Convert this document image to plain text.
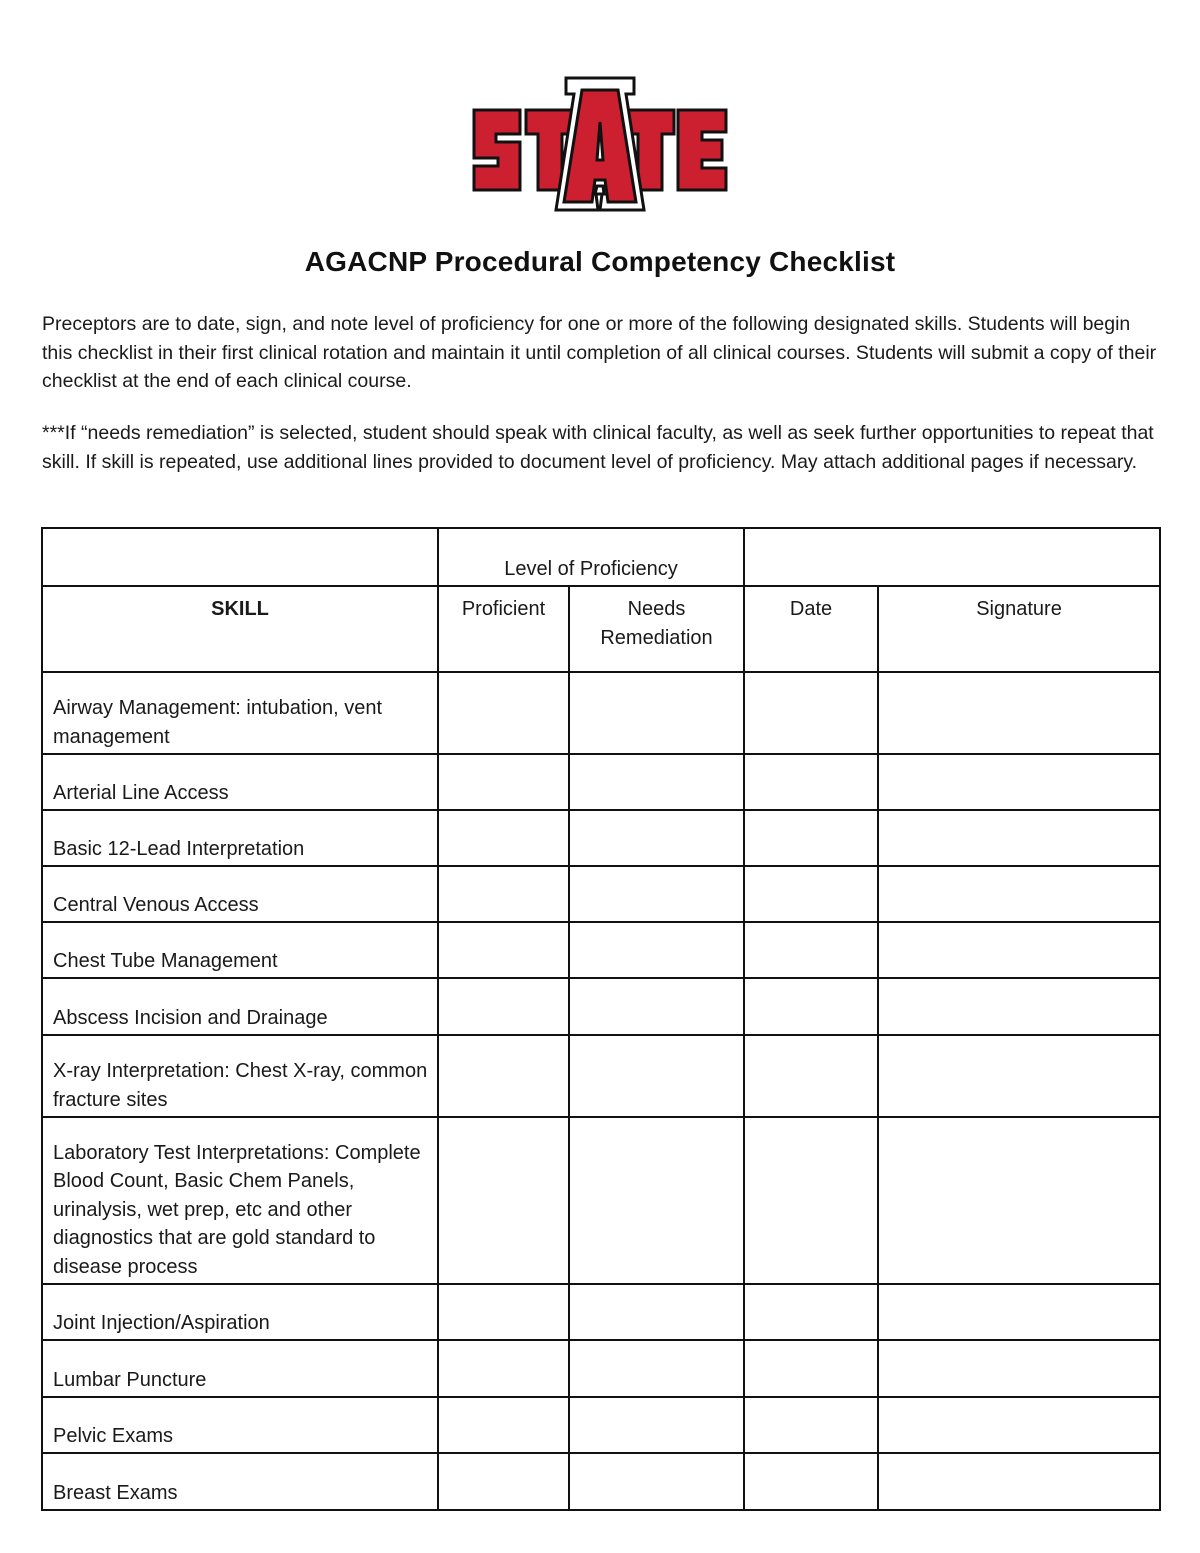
AGACNP Procedural Competency Checklist

Preceptors are to date, sign, and note level of proficiency for one or more of the following designated skills. Students will begin this checklist in their first clinical rotation and maintain it until completion of all clinical courses. Students will submit a copy of their checklist at the end of each clinical course.

***If “needs remediation” is selected, student should speak with clinical faculty, as well as seek further opportunities to repeat that skill. If skill is repeated, use additional lines provided to document level of proficiency. May attach additional pages if necessary.

	Level of Proficiency			
SKILL	Proficient	Needs Remediation	Date	Signature
Airway Management: intubation, vent management				
Arterial Line Access				
Basic 12-Lead Interpretation				
Central Venous Access				
Chest Tube Management				
Abscess Incision and Drainage				
X-ray Interpretation: Chest X-ray, common fracture sites				
Laboratory Test Interpretations: Complete Blood Count, Basic Chem Panels, urinalysis, wet prep, etc and other diagnostics that are gold standard to disease process				
Joint Injection/Aspiration				
Lumbar Puncture				
Pelvic Exams				
Breast Exams				
